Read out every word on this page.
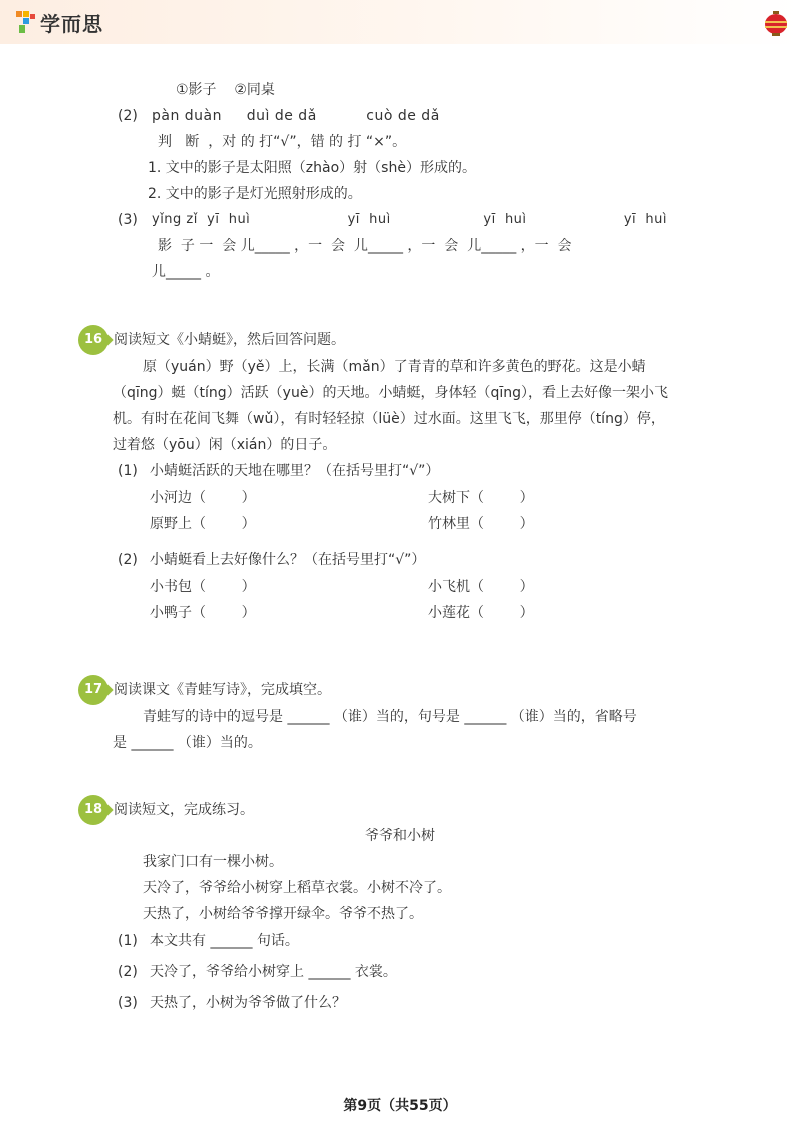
学而思
①影子    ②同桌
(2) pàn duàn     duì de dǎ          cuò de dǎ
判   断  ，对 的 打“√”，错 的 打 “×”。
1. 文中的影子是太阳照（zhào）射（shè）形成的。
2. 文中的影子是灯光照射形成的。
(3) yǐng zǐ  yī  huì                     yī  huì                    yī  huì                     yī  huì
影  子 一  会 儿_____ ，一  会  儿_____ ，一  会  儿_____ ，一  会
儿_____ 。
16 阅读短文《小蜻蜓》，然后回答问题。
原（yuán）野（yě）上，长满（mǎn）了青青的草和许多黄色的野花。这是小蜻
（qīng）蜓（tíng）活跃（yuè）的天地。小蜻蜓，身体轻（qīng），看上去好像一架小飞
机。有时在花间飞舞（wǔ），有时轻轻掠（lüè）过水面。这里飞飞，那里停（tíng）停，
过着悠（yōu）闲（xián）的日子。
(1) 小蜻蜓活跃的天地在哪里？（在括号里打“√”）
小河边（        ）	大树下（        ）
原野上（        ）	竹林里（        ）
(2) 小蜻蜓看上去好像什么？（在括号里打“√”）
小书包（        ）	小飞机（        ）
小鸭子（        ）	小莲花（        ）
17 阅读课文《青蛙写诗》，完成填空。
青蛙写的诗中的逗号是 ______ （谁）当的，句号是 ______ （谁）当的，省略号
是 ______ （谁）当的。
18 阅读短文，完成练习。
爷爷和小树
我家门口有一棵小树。
天冷了，爷爷给小树穿上稻草衣裳。小树不冷了。
天热了，小树给爷爷撑开绿伞。爷爷不热了。
(1) 本文共有 ______ 句话。
(2) 天冷了，爷爷给小树穿上 ______ 衣裳。
(3) 天热了，小树为爷爷做了什么？
第9页（共55页）
